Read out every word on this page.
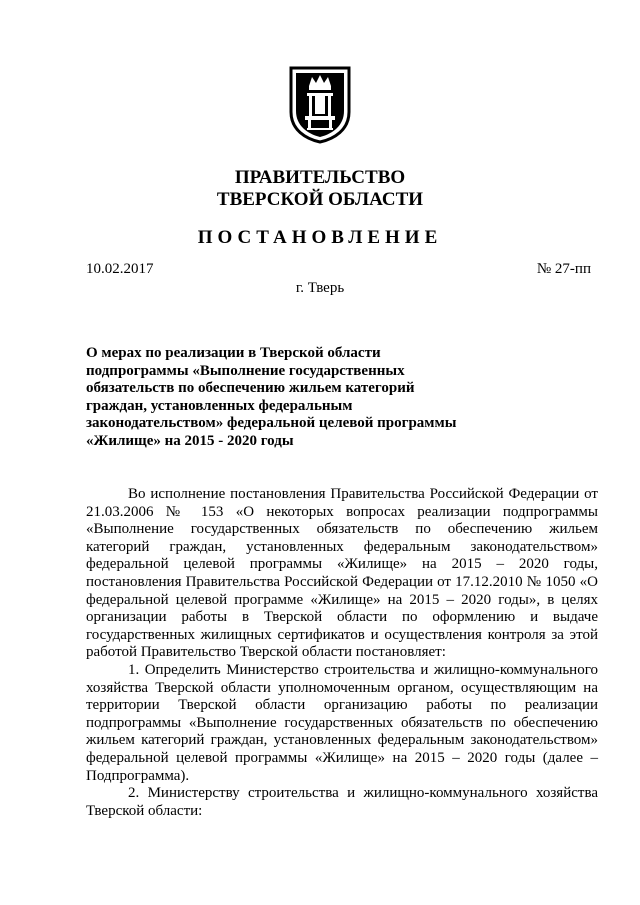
ПРАВИТЕЛЬСТВО
ТВЕРСКОЙ ОБЛАСТИ
ПОСТАНОВЛЕНИЕ
10.02.2017	№ 27-пп
г. Тверь
О мерах по реализации в Тверской области подпрограммы «Выполнение государственных обязательств по обеспечению жильем категорий граждан, установленных федеральным законодательством» федеральной целевой программы «Жилище» на 2015 - 2020 годы

Во исполнение постановления Правительства Российской Федерации от 21.03.2006 № 153 «О некоторых вопросах реализации подпрограммы «Выполнение государственных обязательств по обеспечению жильем категорий граждан, установленных федеральным законодательством» федеральной целевой программы «Жилище» на 2015 – 2020 годы, постановления Правительства Российской Федерации от 17.12.2010 № 1050 «О федеральной целевой программе «Жилище» на 2015 – 2020 годы», в целях организации работы в Тверской области по оформлению и выдаче государственных жилищных сертификатов и осуществления контроля за этой работой Правительство Тверской области постановляет:

1. Определить Министерство строительства и жилищно-коммунального хозяйства Тверской области уполномоченным органом, осуществляющим на территории Тверской области организацию работы по реализации подпрограммы «Выполнение государственных обязательств по обеспечению жильем категорий граждан, установленных федеральным законодательством» федеральной целевой программы «Жилище» на 2015 – 2020 годы (далее – Подпрограмма).

2. Министерству строительства и жилищно-коммунального хозяйства Тверской области:
